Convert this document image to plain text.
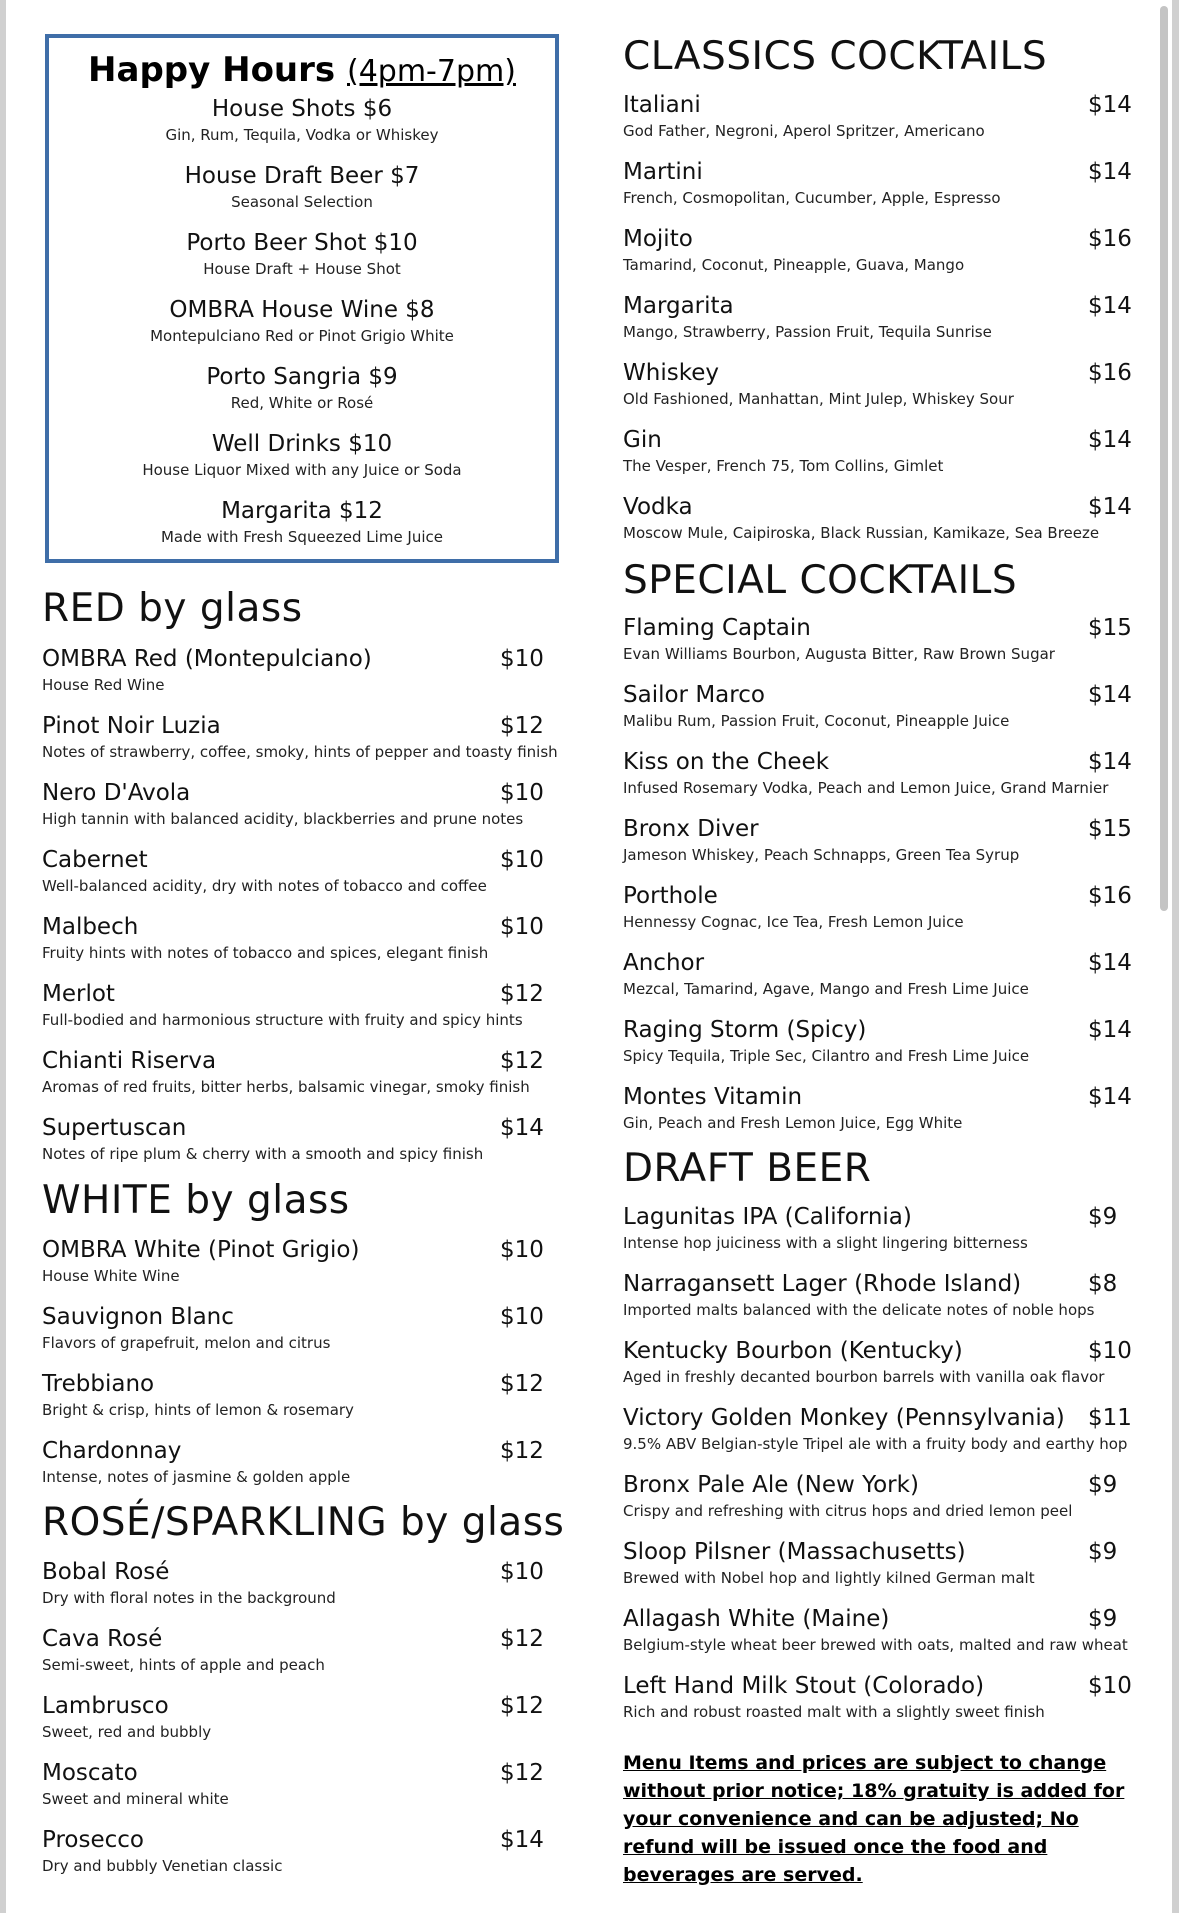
Happy Hours (4pm-7pm)
House Shots $6
Gin, Rum, Tequila, Vodka or Whiskey
House Draft Beer $7
Seasonal Selection
Porto Beer Shot $10
House Draft + House Shot
OMBRA House Wine $8
Montepulciano Red or Pinot Grigio White
Porto Sangria $9
Red, White or Rosé
Well Drinks $10
House Liquor Mixed with any Juice or Soda
Margarita $12
Made with Fresh Squeezed Lime Juice
RED by glass
OMBRA Red (Montepulciano)	$10
House Red Wine
Pinot Noir Luzia	$12
Notes of strawberry, coffee, smoky, hints of pepper and toasty finish
Nero D'Avola	$10
High tannin with balanced acidity, blackberries and prune notes
Cabernet	$10
Well-balanced acidity, dry with notes of tobacco and coffee
Malbech	$10
Fruity hints with notes of tobacco and spices, elegant finish
Merlot	$12
Full-bodied and harmonious structure with fruity and spicy hints
Chianti Riserva	$12
Aromas of red fruits, bitter herbs, balsamic vinegar, smoky finish
Supertuscan	$14
Notes of ripe plum & cherry with a smooth and spicy finish
WHITE by glass
OMBRA White (Pinot Grigio)	$10
House White Wine
Sauvignon Blanc	$10
Flavors of grapefruit, melon and citrus
Trebbiano	$12
Bright & crisp, hints of lemon & rosemary
Chardonnay	$12
Intense, notes of jasmine & golden apple
ROSÉ/SPARKLING by glass
Bobal Rosé	$10
Dry with floral notes in the background
Cava Rosé	$12
Semi-sweet, hints of apple and peach
Lambrusco	$12
Sweet, red and bubbly
Moscato	$12
Sweet and mineral white
Prosecco	$14
Dry and bubbly Venetian classic
CLASSICS COCKTAILS
Italiani	$14
God Father, Negroni, Aperol Spritzer, Americano
Martini	$14
French, Cosmopolitan, Cucumber, Apple, Espresso
Mojito	$16
Tamarind, Coconut, Pineapple, Guava, Mango
Margarita	$14
Mango, Strawberry, Passion Fruit, Tequila Sunrise
Whiskey	$16
Old Fashioned, Manhattan, Mint Julep, Whiskey Sour
Gin	$14
The Vesper, French 75, Tom Collins, Gimlet
Vodka	$14
Moscow Mule, Caipiroska, Black Russian, Kamikaze, Sea Breeze
SPECIAL COCKTAILS
Flaming Captain	$15
Evan Williams Bourbon, Augusta Bitter, Raw Brown Sugar
Sailor Marco	$14
Malibu Rum, Passion Fruit, Coconut, Pineapple Juice
Kiss on the Cheek	$14
Infused Rosemary Vodka, Peach and Lemon Juice, Grand Marnier
Bronx Diver	$15
Jameson Whiskey, Peach Schnapps, Green Tea Syrup
Porthole	$16
Hennessy Cognac, Ice Tea, Fresh Lemon Juice
Anchor	$14
Mezcal, Tamarind, Agave, Mango and Fresh Lime Juice
Raging Storm (Spicy)	$14
Spicy Tequila, Triple Sec, Cilantro and Fresh Lime Juice
Montes Vitamin	$14
Gin, Peach and Fresh Lemon Juice, Egg White
DRAFT BEER
Lagunitas IPA (California)	$9
Intense hop juiciness with a slight lingering bitterness
Narragansett Lager (Rhode Island)	$8
Imported malts balanced with the delicate notes of noble hops
Kentucky Bourbon (Kentucky)	$10
Aged in freshly decanted bourbon barrels with vanilla oak flavor
Victory Golden Monkey (Pennsylvania)	$11
9.5% ABV Belgian-style Tripel ale with a fruity body and earthy hop
Bronx Pale Ale (New York)	$9
Crispy and refreshing with citrus hops and dried lemon peel
Sloop Pilsner (Massachusetts)	$9
Brewed with Nobel hop and lightly kilned German malt
Allagash White (Maine)	$9
Belgium-style wheat beer brewed with oats, malted and raw wheat
Left Hand Milk Stout (Colorado)	$10
Rich and robust roasted malt with a slightly sweet finish
Menu Items and prices are subject to change without prior notice; 18% gratuity is added for your convenience and can be adjusted; No refund will be issued once the food and beverages are served.
